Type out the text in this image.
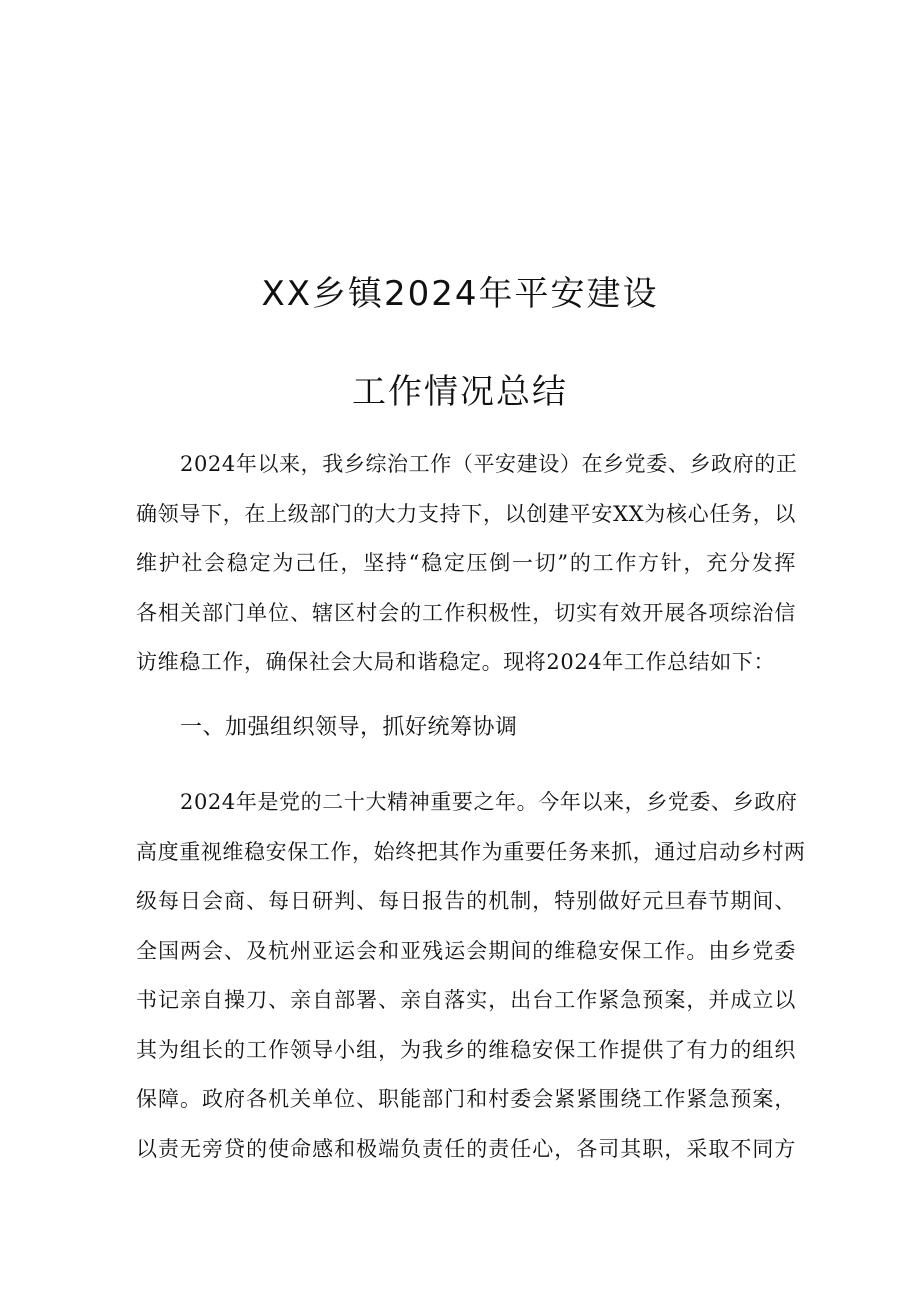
XX乡镇2024年平安建设
工作情况总结
2024年以来，我乡综治工作（平安建设）在乡党委、乡政府的正
确领导下，在上级部门的大力支持下，以创建平安XX为核心任务，以
维护社会稳定为己任，坚持“稳定压倒一切”的工作方针，充分发挥
各相关部门单位、辖区村会的工作积极性，切实有效开展各项综治信
访维稳工作，确保社会大局和谐稳定。现将2024年工作总结如下：
一、加强组织领导，抓好统筹协调
2024年是党的二十大精神重要之年。今年以来，乡党委、乡政府
高度重视维稳安保工作，始终把其作为重要任务来抓，通过启动乡村两
级每日会商、每日研判、每日报告的机制，特别做好元旦春节期间、
全国两会、及杭州亚运会和亚残运会期间的维稳安保工作。由乡党委
书记亲自操刀、亲自部署、亲自落实，出台工作紧急预案，并成立以
其为组长的工作领导小组，为我乡的维稳安保工作提供了有力的组织
保障。政府各机关单位、职能部门和村委会紧紧围绕工作紧急预案，
以责无旁贷的使命感和极端负责任的责任心，各司其职，采取不同方
